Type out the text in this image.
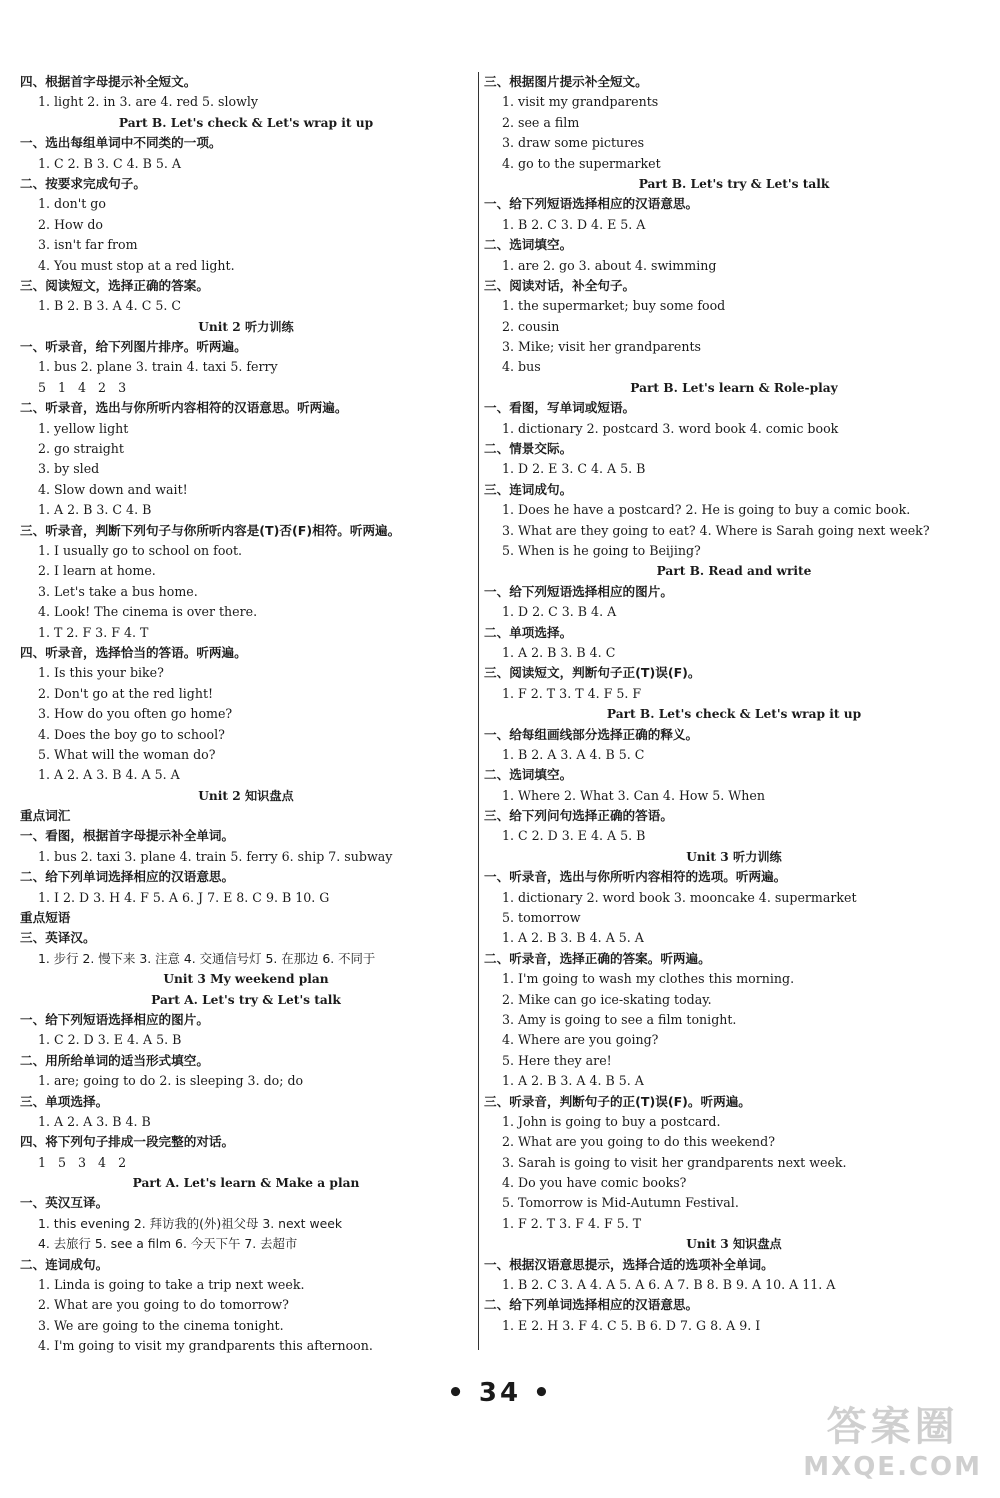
四、根据首字母提示补全短文。
1. light 2. in 3. are 4. red 5. slowly
Part B. Let's check & Let's wrap it up
一、选出每组单词中不同类的一项。
1. C 2. B 3. C 4. B 5. A
二、按要求完成句子。
1. don't go
2. How do
3. isn't far from
4. You must stop at a red light.
三、阅读短文，选择正确的答案。
1. B 2. B 3. A 4. C 5. C
Unit 2 听力训练
一、听录音，给下列图片排序。听两遍。
1. bus 2. plane 3. train 4. taxi 5. ferry
5 1 4 2 3
二、听录音，选出与你所听内容相符的汉语意思。听两遍。
1. yellow light
2. go straight
3. by sled
4. Slow down and wait!
1. A 2. B 3. C 4. B
三、听录音，判断下列句子与你所听内容是(T)否(F)相符。听两遍。
1. I usually go to school on foot.
2. I learn at home.
3. Let's take a bus home.
4. Look! The cinema is over there.
1. T 2. F 3. F 4. T
四、听录音，选择恰当的答语。听两遍。
1. Is this your bike?
2. Don't go at the red light!
3. How do you often go home?
4. Does the boy go to school?
5. What will the woman do?
1. A 2. A 3. B 4. A 5. A
Unit 2 知识盘点
重点词汇
一、看图，根据首字母提示补全单词。
1. bus 2. taxi 3. plane 4. train 5. ferry 6. ship 7. subway
二、给下列单词选择相应的汉语意思。
1. I 2. D 3. H 4. F 5. A 6. J 7. E 8. C 9. B 10. G
重点短语
三、英译汉。
1. 步行 2. 慢下来 3. 注意 4. 交通信号灯 5. 在那边 6. 不同于
Unit 3 My weekend plan
Part A. Let's try & Let's talk
一、给下列短语选择相应的图片。
1. C 2. D 3. E 4. A 5. B
二、用所给单词的适当形式填空。
1. are; going to do 2. is sleeping 3. do; do
三、单项选择。
1. A 2. A 3. B 4. B
四、将下列句子排成一段完整的对话。
1 5 3 4 2
Part A. Let's learn & Make a plan
一、英汉互译。
1. this evening 2. 拜访我的(外)祖父母 3. next week
4. 去旅行 5. see a film 6. 今天下午 7. 去超市
二、连词成句。
1. Linda is going to take a trip next week.
2. What are you going to do tomorrow?
3. We are going to the cinema tonight.
4. I'm going to visit my grandparents this afternoon.
三、根据图片提示补全短文。
1. visit my grandparents
2. see a film
3. draw some pictures
4. go to the supermarket
Part B. Let's try & Let's talk
一、给下列短语选择相应的汉语意思。
1. B 2. C 3. D 4. E 5. A
二、选词填空。
1. are 2. go 3. about 4. swimming
三、阅读对话，补全句子。
1. the supermarket; buy some food
2. cousin
3. Mike; visit her grandparents
4. bus
Part B. Let's learn & Role-play
一、看图，写单词或短语。
1. dictionary 2. postcard 3. word book 4. comic book
二、情景交际。
1. D 2. E 3. C 4. A 5. B
三、连词成句。
1. Does he have a postcard? 2. He is going to buy a comic book.
3. What are they going to eat? 4. Where is Sarah going next week?
5. When is he going to Beijing?
Part B. Read and write
一、给下列短语选择相应的图片。
1. D 2. C 3. B 4. A
二、单项选择。
1. A 2. B 3. B 4. C
三、阅读短文，判断句子正(T)误(F)。
1. F 2. T 3. T 4. F 5. F
Part B. Let's check & Let's wrap it up
一、给每组画线部分选择正确的释义。
1. B 2. A 3. A 4. B 5. C
二、选词填空。
1. Where 2. What 3. Can 4. How 5. When
三、给下列问句选择正确的答语。
1. C 2. D 3. E 4. A 5. B
Unit 3 听力训练
一、听录音，选出与你所听内容相符的选项。听两遍。
1. dictionary 2. word book 3. mooncake 4. supermarket
5. tomorrow
1. A 2. B 3. B 4. A 5. A
二、听录音，选择正确的答案。听两遍。
1. I'm going to wash my clothes this morning.
2. Mike can go ice-skating today.
3. Amy is going to see a film tonight.
4. Where are you going?
5. Here they are!
1. A 2. B 3. A 4. B 5. A
三、听录音，判断句子的正(T)误(F)。听两遍。
1. John is going to buy a postcard.
2. What are you going to do this weekend?
3. Sarah is going to visit her grandparents next week.
4. Do you have comic books?
5. Tomorrow is Mid-Autumn Festival.
1. F 2. T 3. F 4. F 5. T
Unit 3 知识盘点
一、根据汉语意思提示，选择合适的选项补全单词。
1. B 2. C 3. A 4. A 5. A 6. A 7. B 8. B 9. A 10. A 11. A
二、给下列单词选择相应的汉语意思。
1. E 2. H 3. F 4. C 5. B 6. D 7. G 8. A 9. I
• 34 •
答案圈
MXQE.COM
